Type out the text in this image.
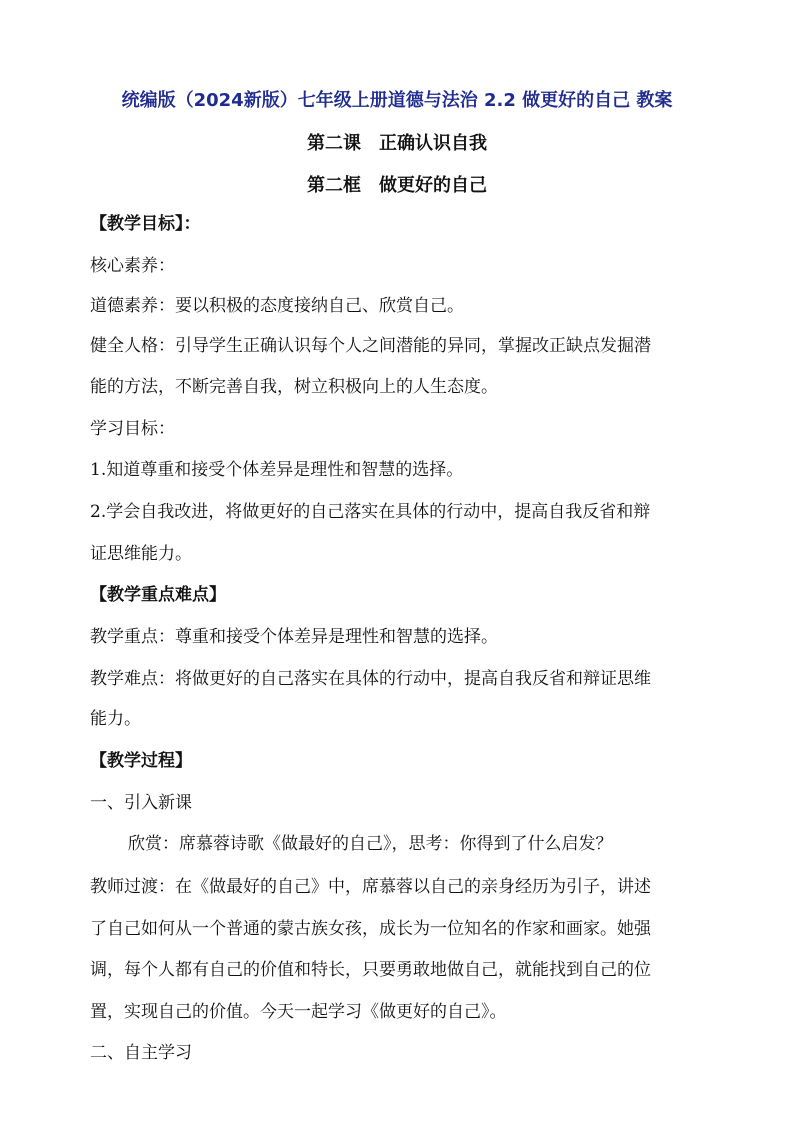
统编版（2024新版）七年级上册道德与法治 2.2 做更好的自己 教案
第二课　正确认识自我
第二框　做更好的自己
【教学目标】：
核心素养：
道德素养：要以积极的态度接纳自己、欣赏自己。
健全人格：引导学生正确认识每个人之间潜能的异同，掌握改正缺点发掘潜
能的方法，不断完善自我，树立积极向上的人生态度。
学习目标：
1.知道尊重和接受个体差异是理性和智慧的选择。
2.学会自我改进，将做更好的自己落实在具体的行动中，提高自我反省和辩
证思维能力。
【教学重点难点】
教学重点：尊重和接受个体差异是理性和智慧的选择。
教学难点：将做更好的自己落实在具体的行动中，提高自我反省和辩证思维
能力。
【教学过程】
一、引入新课
欣赏：席慕蓉诗歌《做最好的自己》，思考：你得到了什么启发？
教师过渡：在《做最好的自己》中，席慕蓉以自己的亲身经历为引子，讲述
了自己如何从一个普通的蒙古族女孩，成长为一位知名的作家和画家。她强
调，每个人都有自己的价值和特长，只要勇敢地做自己，就能找到自己的位
置，实现自己的价值。今天一起学习《做更好的自己》。
二、自主学习
